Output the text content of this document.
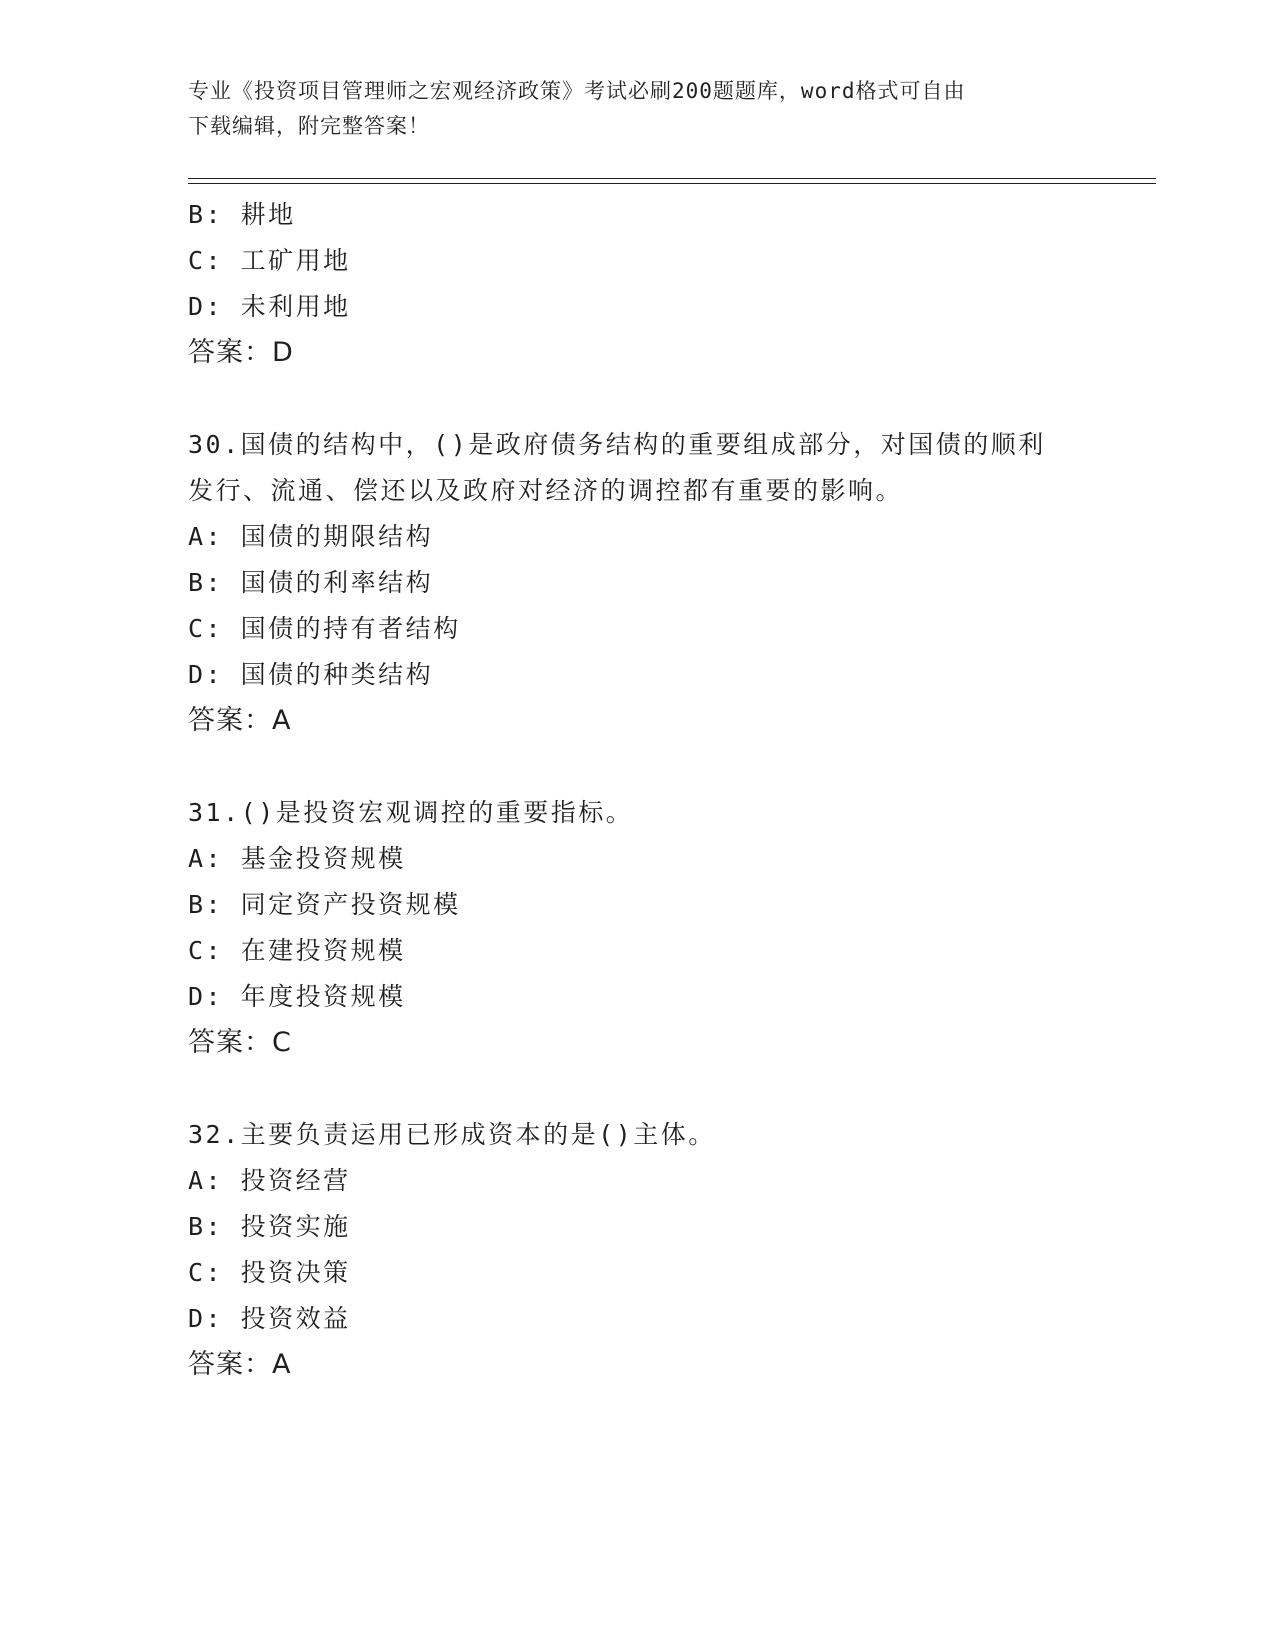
专业《投资项目管理师之宏观经济政策》考试必刷200题题库，word格式可自由
下载编辑，附完整答案！
B: 耕地
C: 工矿用地
D: 未利用地
答案：D
30.国债的结构中，()是政府债务结构的重要组成部分，对国债的顺利
发行、流通、偿还以及政府对经济的调控都有重要的影响。
A: 国债的期限结构
B: 国债的利率结构
C: 国债的持有者结构
D: 国债的种类结构
答案：A
31.()是投资宏观调控的重要指标。
A: 基金投资规模
B: 同定资产投资规模
C: 在建投资规模
D: 年度投资规模
答案：C
32.主要负责运用已形成资本的是()主体。
A: 投资经营
B: 投资实施
C: 投资决策
D: 投资效益
答案：A
